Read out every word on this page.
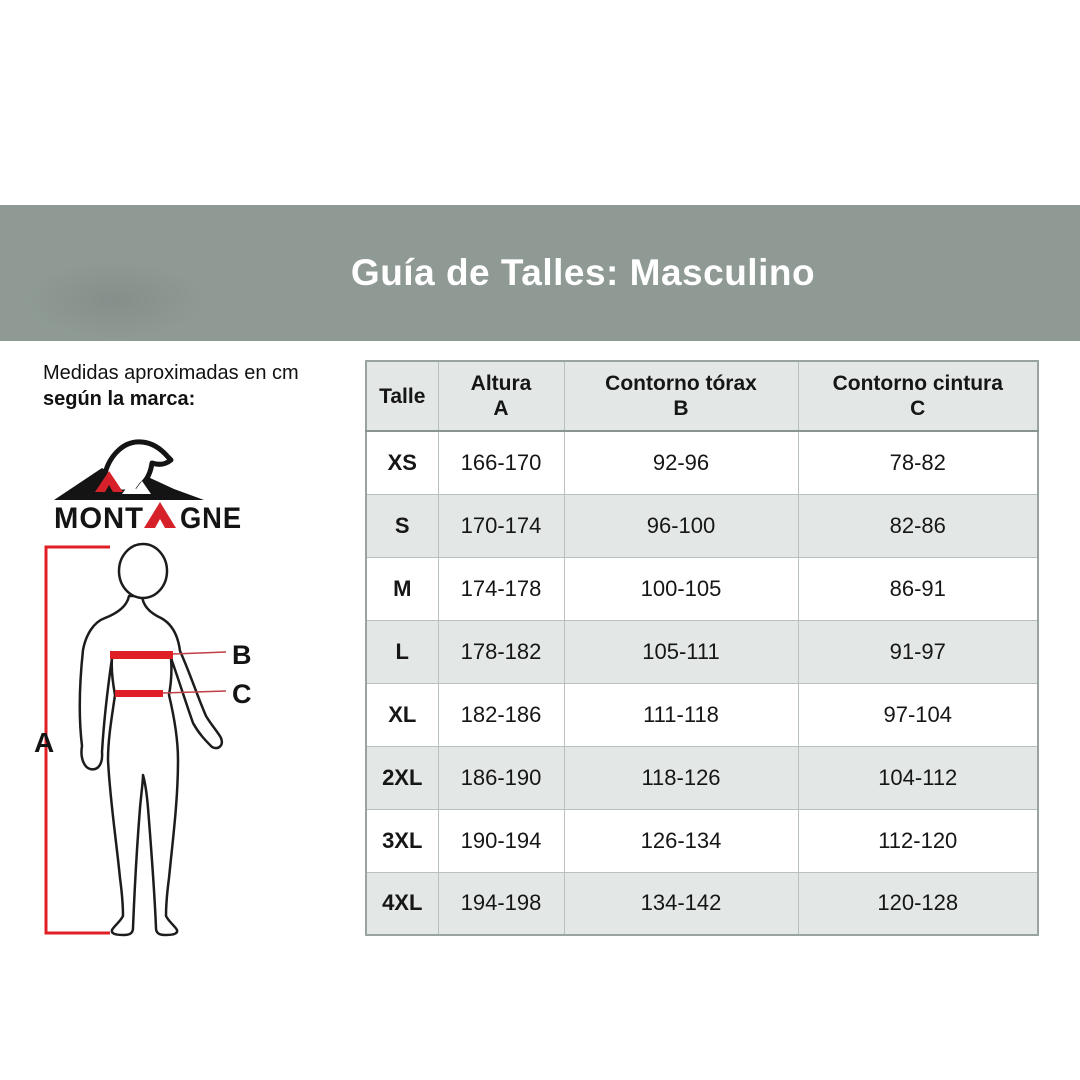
Guía de Talles: Masculino
Medidas aproximadas en cm
según la marca:
MONT GNE
A
B
C
Talle

Altura
A

Contorno tórax
B

Contorno cintura
C

XS	166-170	92-96	78-82
S	170-174	96-100	82-86
M	174-178	100-105	86-91
L	178-182	105-111	91-97
XL	182-186	111-118	97-104
2XL	186-190	118-126	104-112
3XL	190-194	126-134	112-120
4XL	194-198	134-142	120-128
